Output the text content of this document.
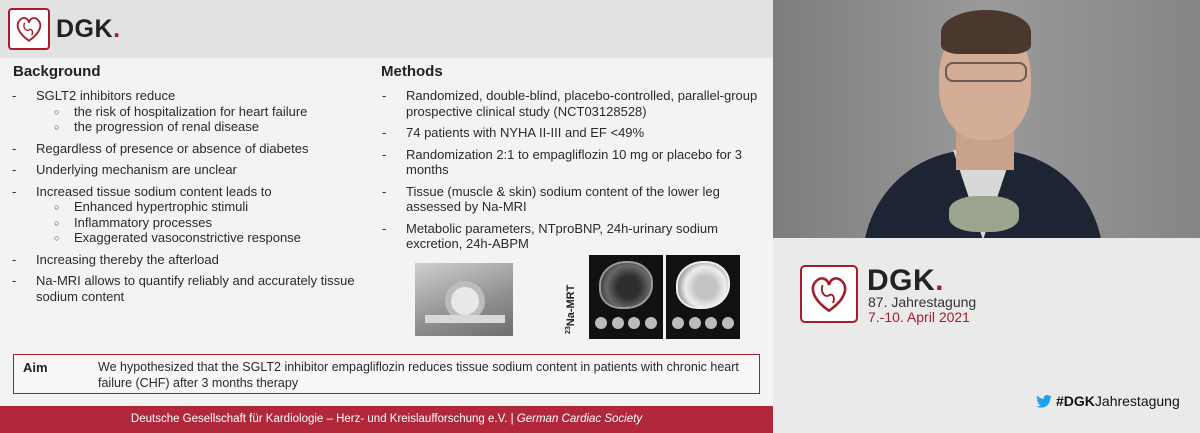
DGK.
Background
- SGLT2 inhibitors reduce
○ the risk of hospitalization for heart failure
○ the progression of renal disease
- Regardless of presence or absence of diabetes
- Underlying mechanism are unclear
- Increased tissue sodium content leads to
○ Enhanced hypertrophic stimuli
○ Inflammatory processes
○ Exaggerated vasoconstrictive response
- Increasing thereby the afterload
- Na-MRI allows to quantify reliably and accurately tissue sodium content
Methods
- Randomized, double-blind, placebo-controlled, parallel-group prospective clinical study (NCT03128528)
- 74 patients with NYHA II-III and EF <49%
- Randomization 2:1 to empagliflozin 10 mg or placebo for 3 months
- Tissue (muscle & skin) sodium content of the lower leg assessed by Na-MRI
- Metabolic parameters, NTproBNP, 24h-urinary sodium excretion, 24h-ABPM
$^{23}$Na-MRT
Aim	We hypothesized that the SGLT2 inhibitor empagliflozin reduces tissue sodium content in patients with chronic heart failure (CHF) after 3 months therapy
Deutsche Gesellschaft für Kardiologie – Herz- und Kreislaufforschung e.V. | German Cardiac Society
DGK.
87. Jahrestagung
7.-10. April 2021
#DGKJahrestagung
